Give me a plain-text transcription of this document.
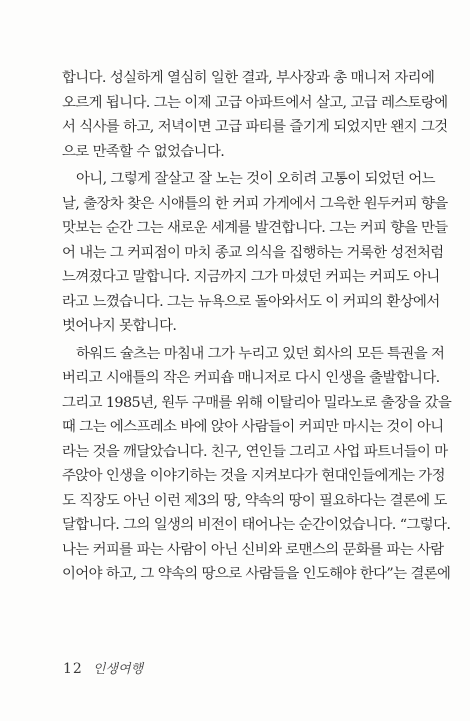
합니다. 성실하게 열심히 일한 결과, 부사장과 총 매니저 자리에
오르게 됩니다. 그는 이제 고급 아파트에서 살고, 고급 레스토랑에
서 식사를 하고, 저녁이면 고급 파티를 즐기게 되었지만 왠지 그것
으로 만족할 수 없었습니다.
아니, 그렇게 잘살고 잘 노는 것이 오히려 고통이 되었던 어느
날, 출장차 찾은 시애틀의 한 커피 가게에서 그윽한 원두커피 향을
맛보는 순간 그는 새로운 세계를 발견합니다. 그는 커피 향을 만들
어 내는 그 커피점이 마치 종교 의식을 집행하는 거룩한 성전처럼
느껴졌다고 말합니다. 지금까지 그가 마셨던 커피는 커피도 아니
라고 느꼈습니다. 그는 뉴욕으로 돌아와서도 이 커피의 환상에서
벗어나지 못합니다.
하워드 슐츠는 마침내 그가 누리고 있던 회사의 모든 특권을 저
버리고 시애틀의 작은 커피숍 매니저로 다시 인생을 출발합니다.
그리고 1985년, 원두 구매를 위해 이탈리아 밀라노로 출장을 갔을
때 그는 에스프레소 바에 앉아 사람들이 커피만 마시는 것이 아니
라는 것을 깨달았습니다. 친구, 연인들 그리고 사업 파트너들이 마
주앉아 인생을 이야기하는 것을 지켜보다가 현대인들에게는 가정
도 직장도 아닌 이런 제3의 땅, 약속의 땅이 필요하다는 결론에 도
달합니다. 그의 일생의 비전이 태어나는 순간이었습니다. “그렇다.
나는 커피를 파는 사람이 아닌 신비와 로맨스의 문화를 파는 사람
이어야 하고, 그 약속의 땅으로 사람들을 인도해야 한다”는 결론에
12 인생여행
